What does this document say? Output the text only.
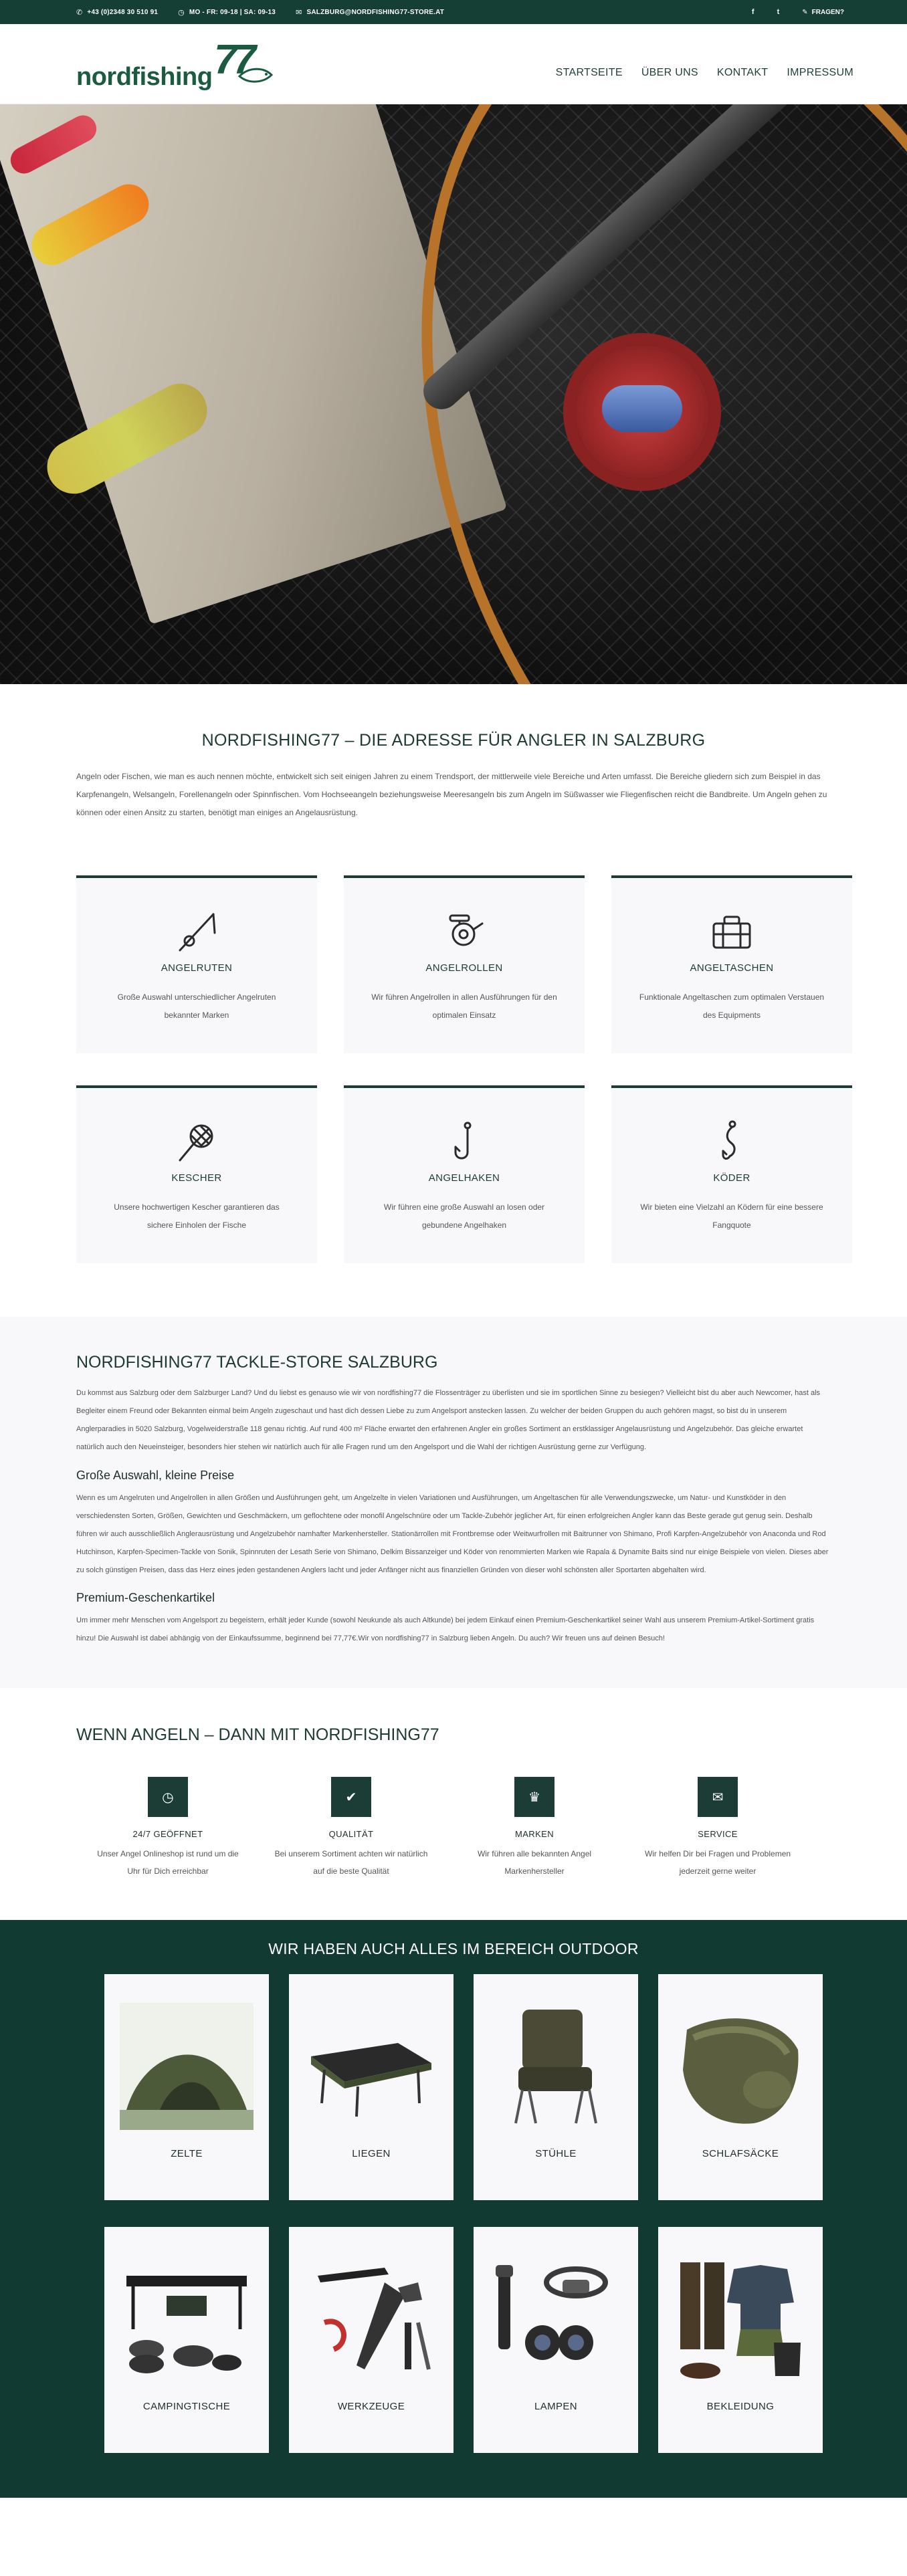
✆ +43 (0)2348 30 510 91	◷ MO - FR: 09-18 | SA: 09-13	✉ SALZBURG@NORDFISHING77-STORE.AT	f	t	✎ FRAGEN?
nordfishing 77	STARTSEITE ÜBER UNS KONTAKT IMPRESSUM
NORDFISHING77 – DIE ADRESSE FÜR ANGLER IN SALZBURG

Angeln oder Fischen, wie man es auch nennen möchte, entwickelt sich seit einigen Jahren zu einem Trendsport, der mittlerweile viele Bereiche und Arten umfasst. Die Bereiche gliedern sich zum Beispiel in das Karpfenangeln, Welsangeln, Forellenangeln oder Spinnfischen. Vom Hochseeangeln beziehungsweise Meeresangeln bis zum Angeln im Süßwasser wie Fliegenfischen reicht die Bandbreite. Um Angeln gehen zu können oder einen Ansitz zu starten, benötigt man einiges an Angelausrüstung.

ANGELRUTEN

Große Auswahl unterschiedlicher Angelruten bekannter Marken

ANGELROLLEN

Wir führen Angelrollen in allen Ausführungen für den optimalen Einsatz

ANGELTASCHEN

Funktionale Angeltaschen zum optimalen Verstauen des Equipments

KESCHER

Unsere hochwertigen Kescher garantieren das sichere Einholen der Fische

ANGELHAKEN

Wir führen eine große Auswahl an losen oder gebundene Angelhaken

KÖDER

Wir bieten eine Vielzahl an Ködern für eine bessere Fangquote

NORDFISHING77 TACKLE-STORE SALZBURG

Du kommst aus Salzburg oder dem Salzburger Land? Und du liebst es genauso wie wir von nordfishing77 die Flossenträger zu überlisten und sie im sportlichen Sinne zu besiegen? Vielleicht bist du aber auch Newcomer, hast als Begleiter einem Freund oder Bekannten einmal beim Angeln zugeschaut und hast dich dessen Liebe zu zum Angelsport anstecken lassen. Zu welcher der beiden Gruppen du auch gehören magst, so bist du in unserem Anglerparadies in 5020 Salzburg, Vogelweiderstraße 118 genau richtig. Auf rund 400 m² Fläche erwartet den erfahrenen Angler ein großes Sortiment an erstklassiger Angelausrüstung und Angelzubehör. Das gleiche erwartet natürlich auch den Neueinsteiger, besonders hier stehen wir natürlich auch für alle Fragen rund um den Angelsport und die Wahl der richtigen Ausrüstung gerne zur Verfügung.

Große Auswahl, kleine Preise

Wenn es um Angelruten und Angelrollen in allen Größen und Ausführungen geht, um Angelzelte in vielen Variationen und Ausführungen, um Angeltaschen für alle Verwendungszwecke, um Natur- und Kunstköder in den verschiedensten Sorten, Größen, Gewichten und Geschmäckern, um geflochtene oder monofil Angelschnüre oder um Tackle-Zubehör jeglicher Art, für einen erfolgreichen Angler kann das Beste gerade gut genug sein. Deshalb führen wir auch ausschließlich Anglerausrüstung und Angelzubehör namhafter Markenhersteller. Stationärrollen mit Frontbremse oder Weitwurfrollen mit Baitrunner von Shimano, Profi Karpfen-Angelzubehör von Anaconda und Rod Hutchinson, Karpfen-Specimen-Tackle von Sonik, Spinnruten der Lesath Serie von Shimano, Delkim Bissanzeiger und Köder von renommierten Marken wie Rapala & Dynamite Baits sind nur einige Beispiele von vielen. Dieses aber zu solch günstigen Preisen, dass das Herz eines jeden gestandenen Anglers lacht und jeder Anfänger nicht aus finanziellen Gründen von dieser wohl schönsten aller Sportarten abgehalten wird.

Premium-Geschenkartikel

Um immer mehr Menschen vom Angelsport zu begeistern, erhält jeder Kunde (sowohl Neukunde als auch Altkunde) bei jedem Einkauf einen Premium-Geschenkartikel seiner Wahl aus unserem Premium-Artikel-Sortiment gratis hinzu! Die Auswahl ist dabei abhängig von der Einkaufssumme, beginnend bei 77,77€.Wir von nordfishing77 in Salzburg lieben Angeln. Du auch? Wir freuen uns auf deinen Besuch!

WENN ANGELN – DANN MIT NORDFISHING77
◷
24/7 GEÖFFNET

Unser Angel Onlineshop ist rund um die Uhr für Dich erreichbar

✔
QUALITÄT

Bei unserem Sortiment achten wir natürlich auf die beste Qualität

♛
MARKEN

Wir führen alle bekannten Angel Markenhersteller

✉
SERVICE

Wir helfen Dir bei Fragen und Problemen jederzeit gerne weiter

WIR HABEN AUCH ALLES IM BEREICH OUTDOOR
ZELTE	LIEGEN	STÜHLE	SCHLAFSÄCKE
CAMPINGTISCHE	WERKZEUGE	LAMPEN	BEKLEIDUNG
